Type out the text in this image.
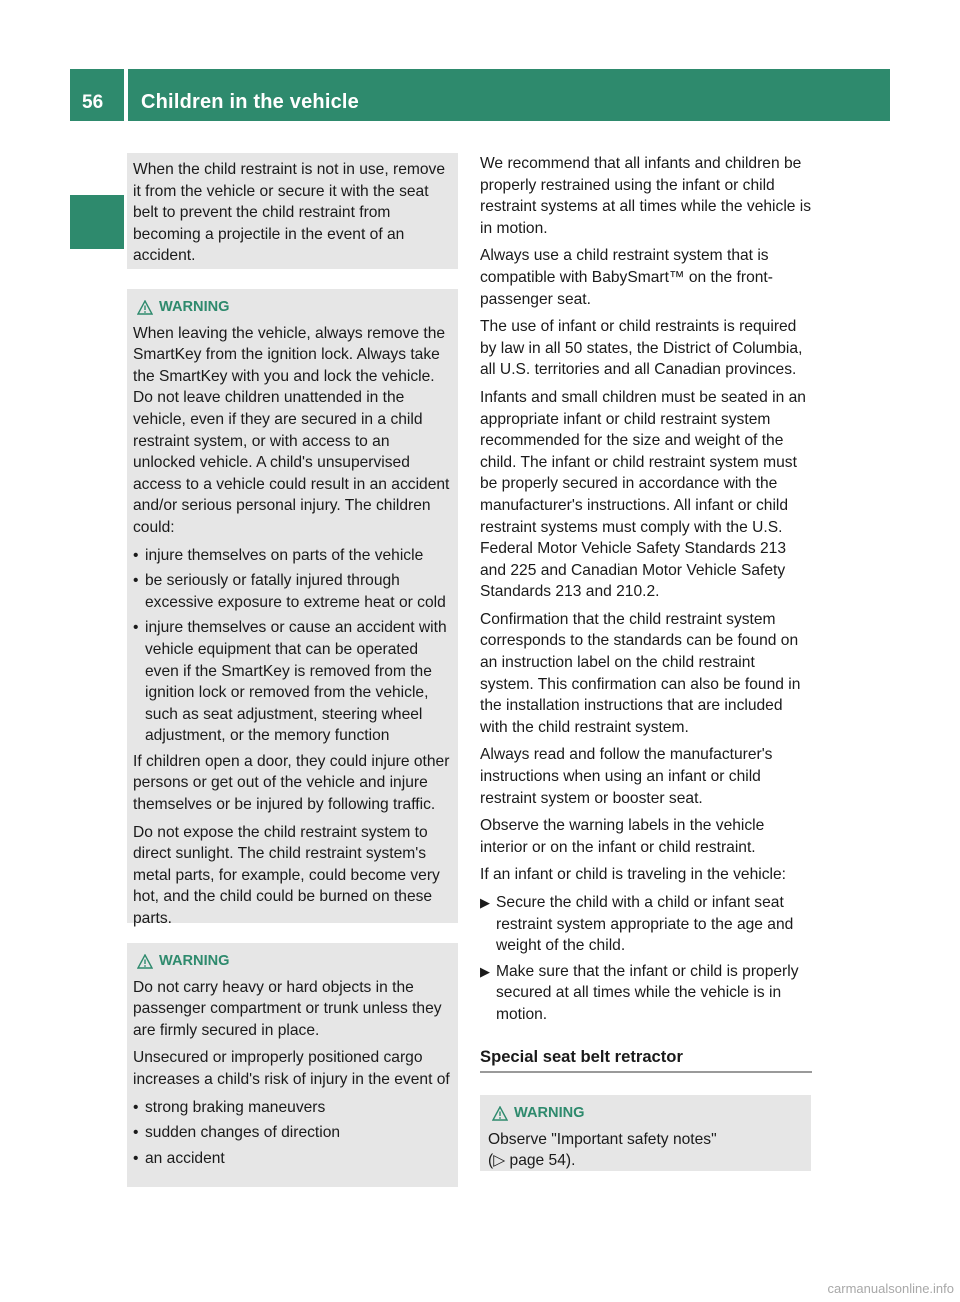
56	Children in the vehicle

When the child restraint is not in use, remove it from the vehicle or secure it with the seat belt to prevent the child restraint from becoming a projectile in the event of an accident.

WARNING

When leaving the vehicle, always remove the SmartKey from the ignition lock. Always take the SmartKey with you and lock the vehicle. Do not leave children unattended in the vehicle, even if they are secured in a child restraint system, or with access to an unlocked vehicle. A child's unsupervised access to a vehicle could result in an accident and/or serious personal injury. The children could:

• injure themselves on parts of the vehicle
• be seriously or fatally injured through excessive exposure to extreme heat or cold
• injure themselves or cause an accident with vehicle equipment that can be operated even if the SmartKey is removed from the ignition lock or removed from the vehicle, such as seat adjustment, steering wheel adjustment, or the memory function

If children open a door, they could injure other persons or get out of the vehicle and injure themselves or be injured by following traffic.

Do not expose the child restraint system to direct sunlight. The child restraint system's metal parts, for example, could become very hot, and the child could be burned on these parts.

WARNING

Do not carry heavy or hard objects in the passenger compartment or trunk unless they are firmly secured in place.

Unsecured or improperly positioned cargo increases a child's risk of injury in the event of

• strong braking maneuvers
• sudden changes of direction
• an accident

We recommend that all infants and children be properly restrained using the infant or child restraint systems at all times while the vehicle is in motion.

Always use a child restraint system that is compatible with BabySmart™ on the front-passenger seat.

The use of infant or child restraints is required by law in all 50 states, the District of Columbia, all U.S. territories and all Canadian provinces.

Infants and small children must be seated in an appropriate infant or child restraint system recommended for the size and weight of the child. The infant or child restraint system must be properly secured in accordance with the manufacturer's instructions. All infant or child restraint systems must comply with the U.S. Federal Motor Vehicle Safety Standards 213 and 225 and Canadian Motor Vehicle Safety Standards 213 and 210.2.

Confirmation that the child restraint system corresponds to the standards can be found on an instruction label on the child restraint system. This confirmation can also be found in the installation instructions that are included with the child restraint system.

Always read and follow the manufacturer's instructions when using an infant or child restraint system or booster seat.

Observe the warning labels in the vehicle interior or on the infant or child restraint.

If an infant or child is traveling in the vehicle:

▶ Secure the child with a child or infant seat restraint system appropriate to the age and weight of the child.
▶ Make sure that the infant or child is properly secured at all times while the vehicle is in motion.
Special seat belt retractor
WARNING
Observe "Important safety notes"
(▷ page 54).
carmanualsonline.info
